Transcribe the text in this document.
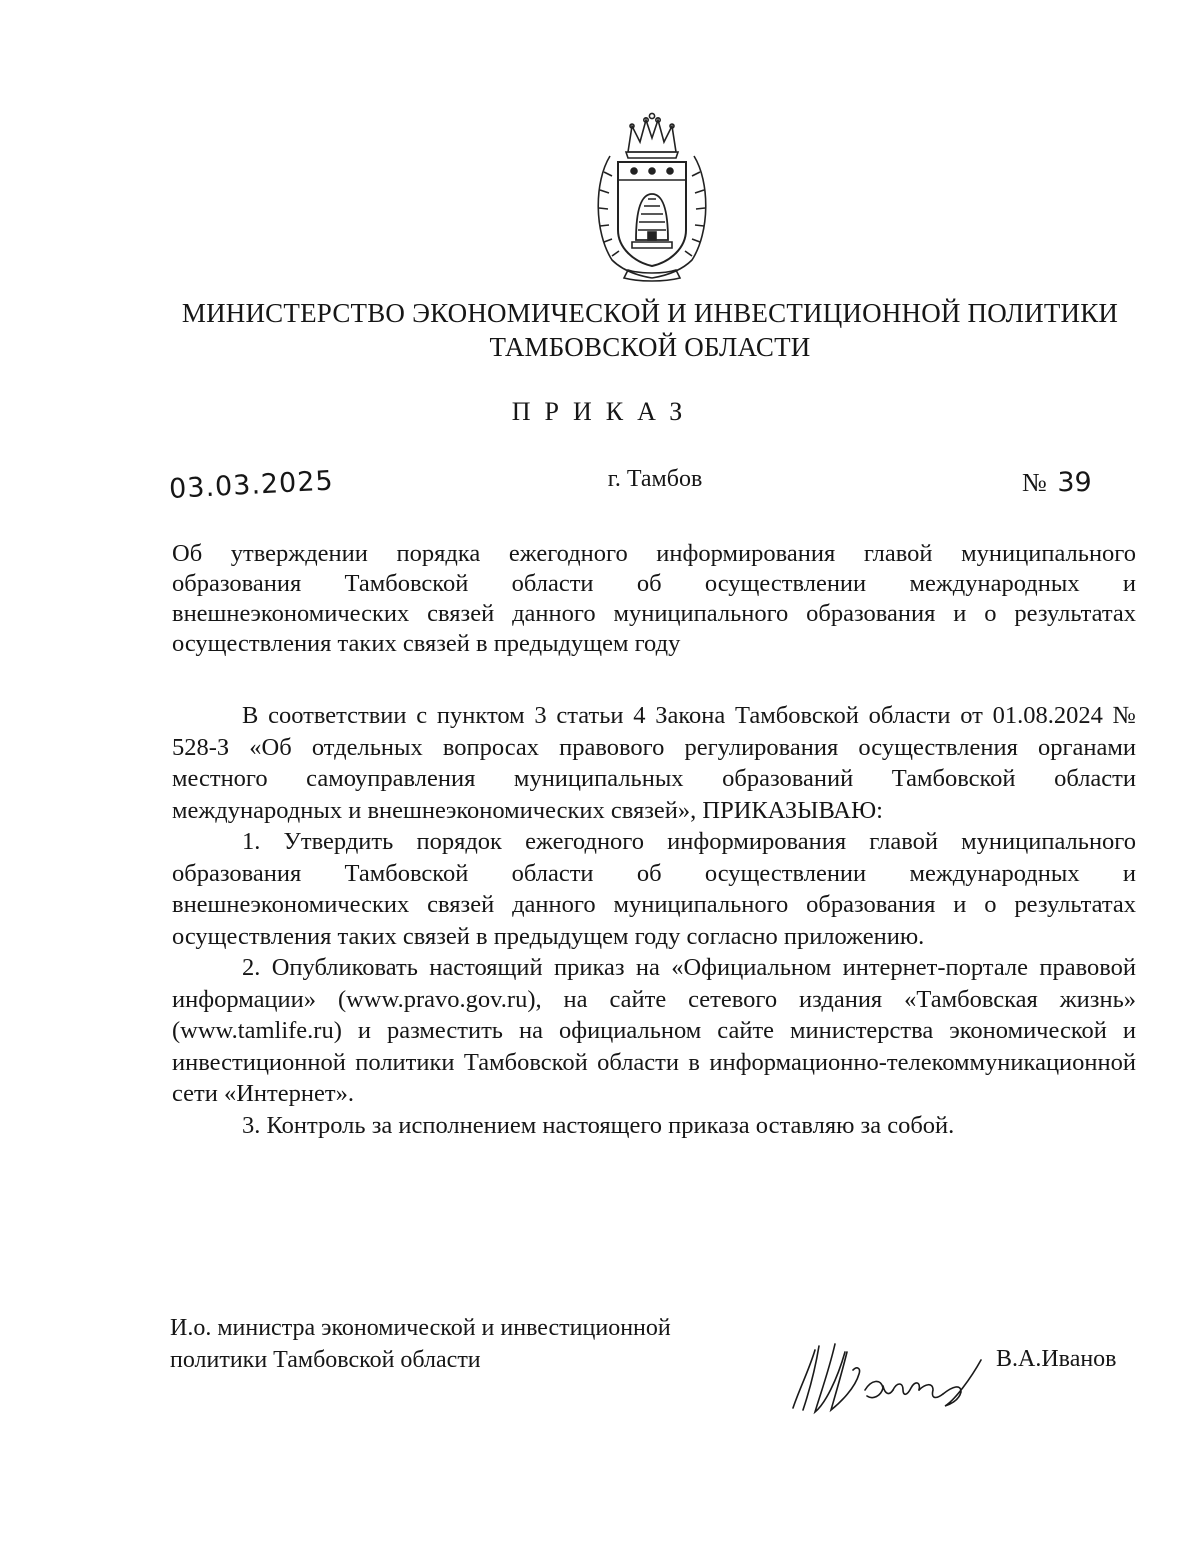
МИНИСТЕРСТВО ЭКОНОМИЧЕСКОЙ И ИНВЕСТИЦИОННОЙ ПОЛИТИКИ
ТАМБОВСКОЙ ОБЛАСТИ
ПРИКАЗ
03.03.2025	г. Тамбов	№ 39
Об утверждении порядка ежегодного информирования главой муниципального образования Тамбовской области об осуществлении международных и внешнеэкономических связей данного муниципального образования и о результатах осуществления таких связей в предыдущем году

В соответствии с пунктом 3 статьи 4 Закона Тамбовской области от 01.08.2024 № 528-З «Об отдельных вопросах правового регулирования осуществления органами местного самоуправления муниципальных образований Тамбовской области международных и внешнеэкономических связей», ПРИКАЗЫВАЮ:

1. Утвердить порядок ежегодного информирования главой муниципального образования Тамбовской области об осуществлении международных и внешнеэкономических связей данного муниципального образования и о результатах осуществления таких связей в предыдущем году согласно приложению.

2. Опубликовать настоящий приказ на «Официальном интернет-портале правовой информации» (www.pravo.gov.ru), на сайте сетевого издания «Тамбовская жизнь» (www.tamlife.ru) и разместить на официальном сайте министерства экономической и инвестиционной политики Тамбовской области в информационно-телекоммуникационной сети «Интернет».

3. Контроль за исполнением настоящего приказа оставляю за собой.

И.о. министра экономической и инвестиционной
политики Тамбовской области	В.А.Иванов
